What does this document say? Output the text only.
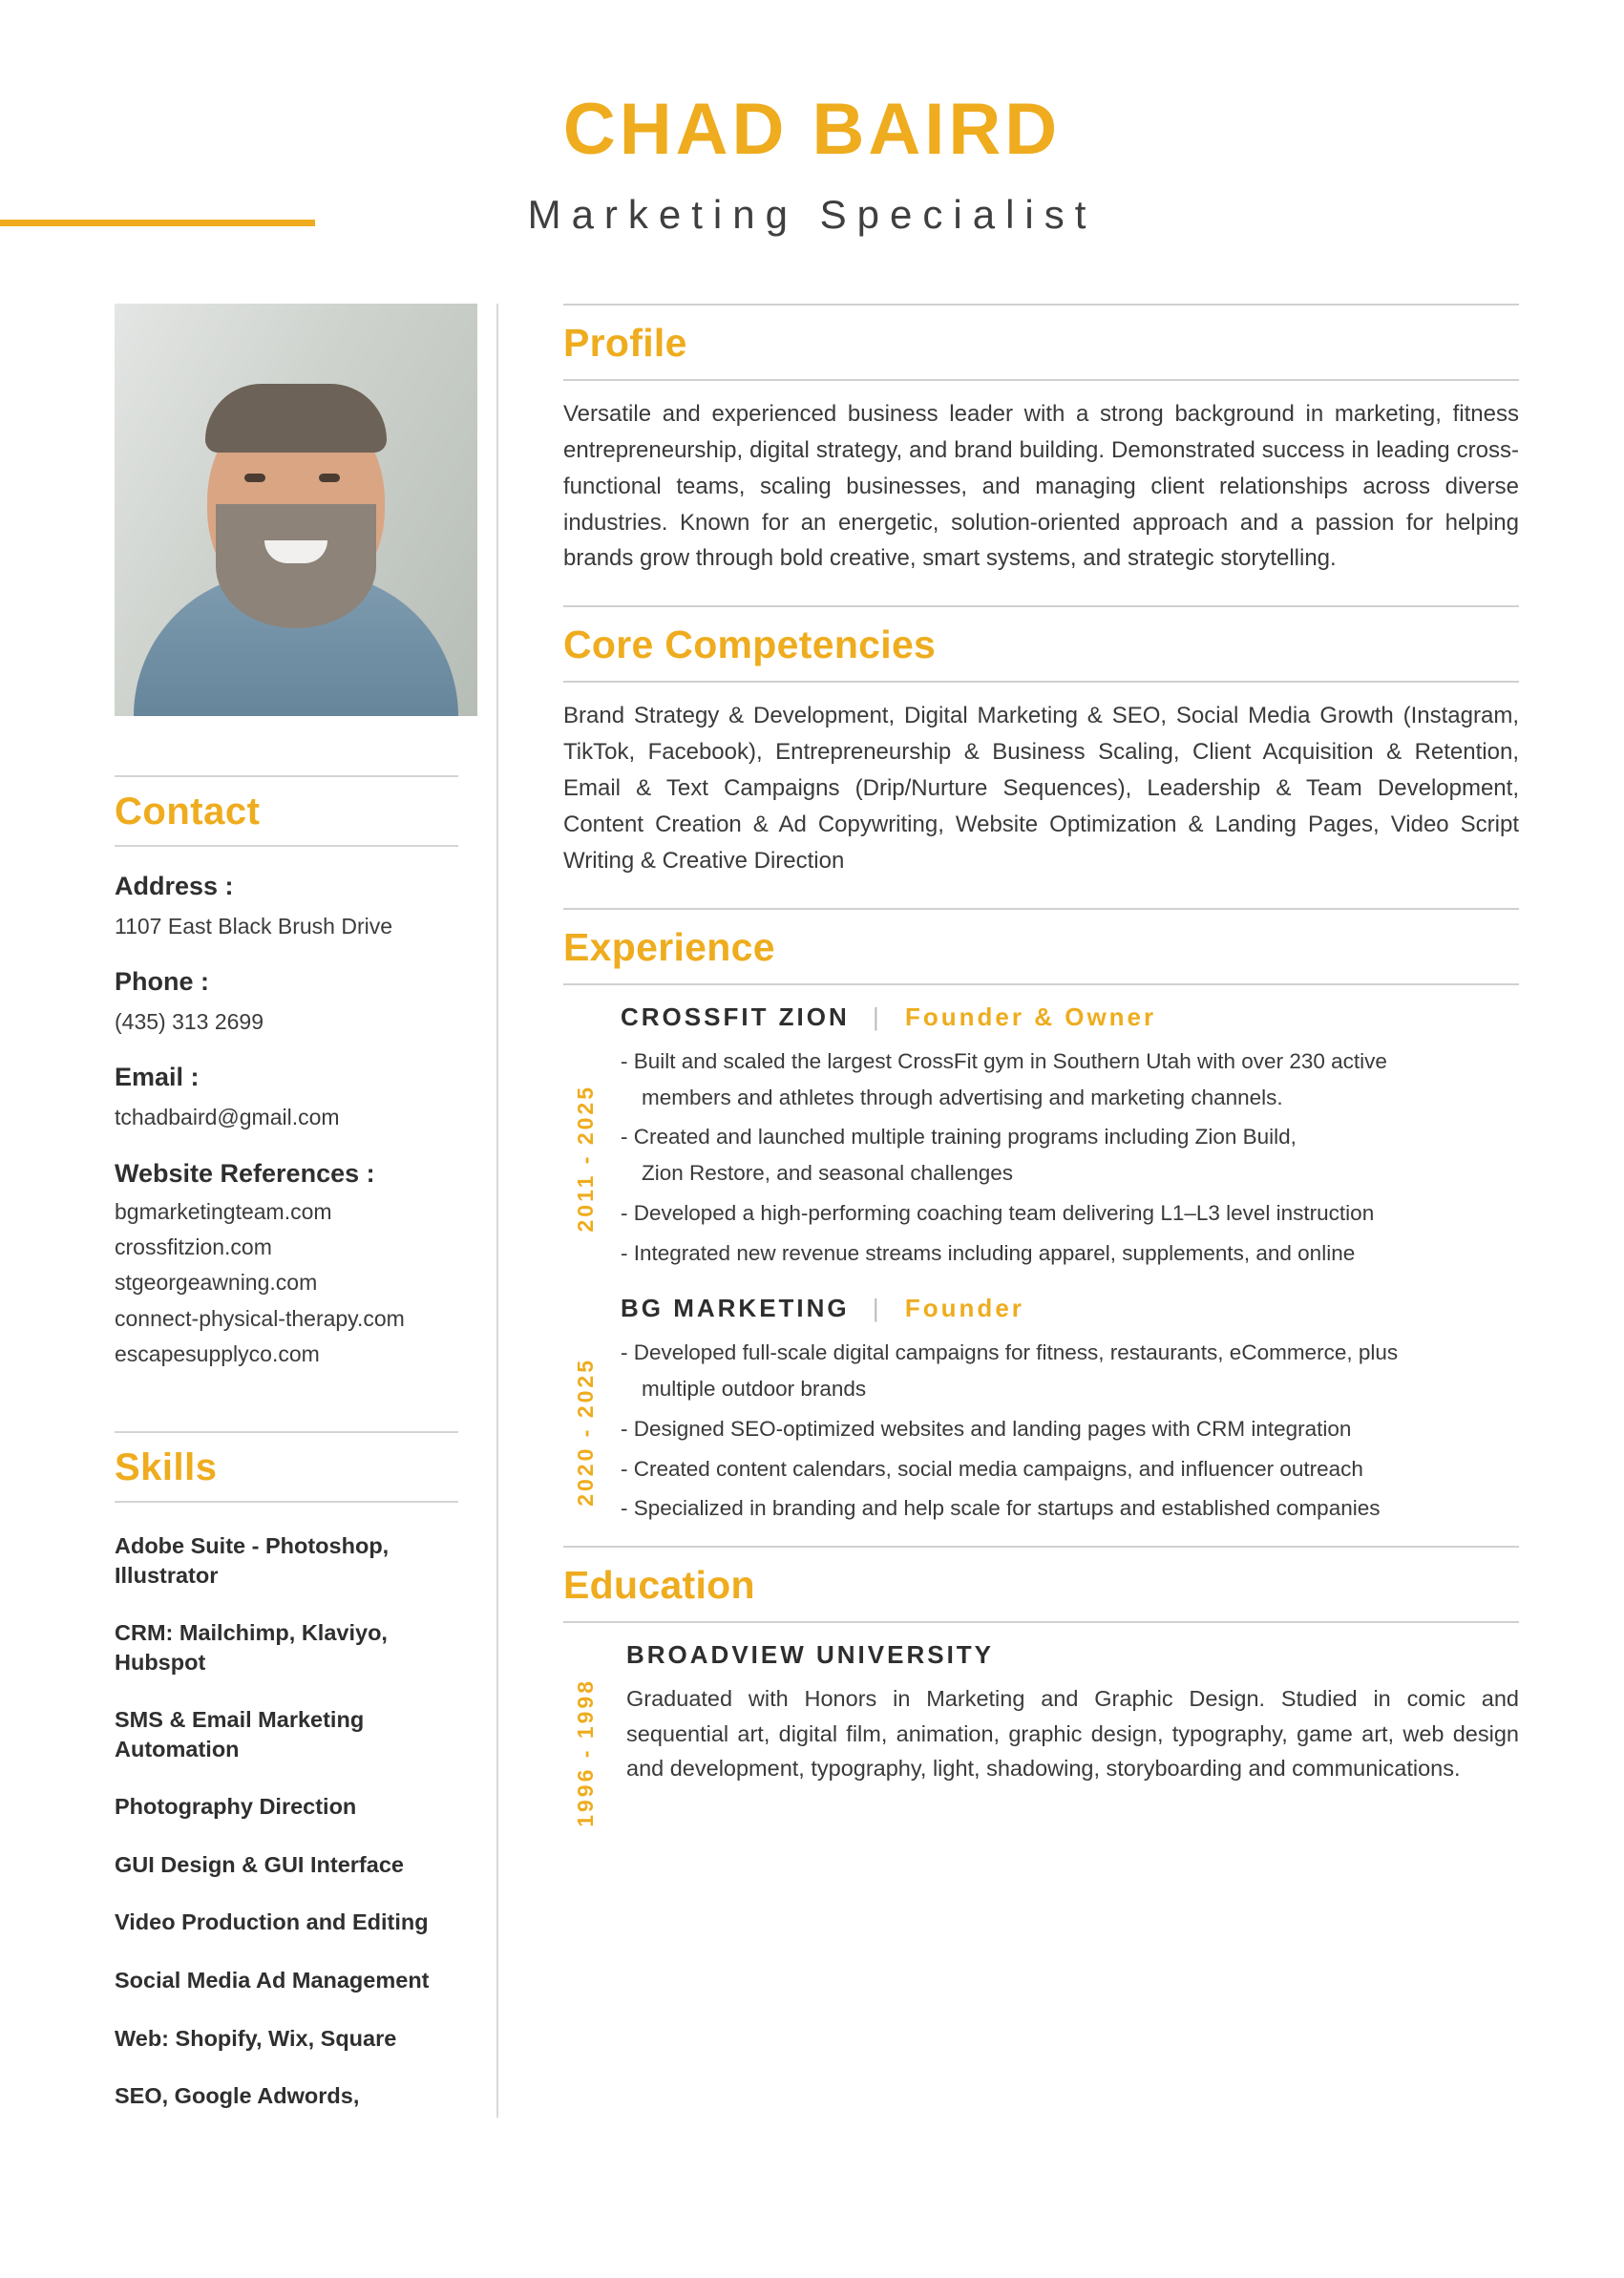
CHAD BAIRD
Marketing Specialist
Contact
Address :
1107 East Black Brush Drive
Phone :
(435) 313 2699
Email :
tchadbaird@gmail.com
Website References :
bgmarketingteam.com
crossfitzion.com
stgeorgeawning.com
connect-physical-therapy.com
escapesupplyco.com
Skills
Adobe Suite - Photoshop, Illustrator
CRM: Mailchimp, Klaviyo, Hubspot
SMS & Email Marketing Automation
Photography Direction
GUI Design & GUI Interface
Video Production and Editing
Social Media Ad Management
Web: Shopify, Wix, Square
SEO, Google Adwords,
Profile
Versatile and experienced business leader with a strong background in marketing, fitness entrepreneurship, digital strategy, and brand building. Demonstrated success in leading cross-functional teams, scaling businesses, and managing client relationships across diverse industries. Known for an energetic, solution-oriented approach and a passion for helping brands grow through bold creative, smart systems, and strategic storytelling.
Core Competencies
Brand Strategy & Development, Digital Marketing & SEO, Social Media Growth (Instagram, TikTok, Facebook), Entrepreneurship & Business Scaling, Client Acquisition & Retention, Email & Text Campaigns (Drip/Nurture Sequences), Leadership & Team Development, Content Creation & Ad Copywriting, Website Optimization & Landing Pages, Video Script Writing & Creative Direction
Experience
2011 - 2025
CROSSFIT ZION | Founder & Owner
- Built and scaled the largest CrossFit gym in Southern Utah with over 230 active
members and athletes through advertising and marketing channels.
- Created and launched multiple training programs including Zion Build,
Zion Restore, and seasonal challenges
- Developed a high-performing coaching team delivering L1–L3 level instruction
- Integrated new revenue streams including apparel, supplements, and online
2020 - 2025
BG MARKETING | Founder
- Developed full-scale digital campaigns for fitness, restaurants, eCommerce, plus
multiple outdoor brands
- Designed SEO-optimized websites and landing pages with CRM integration
- Created content calendars, social media campaigns, and influencer outreach
- Specialized in branding and help scale for startups and established companies
Education
1996 - 1998
BROADVIEW UNIVERSITY
Graduated with Honors in Marketing and Graphic Design. Studied in comic and sequential art, digital film, animation, graphic design, typography, game art, web design and development, typography, light, shadowing, storyboarding and communications.
